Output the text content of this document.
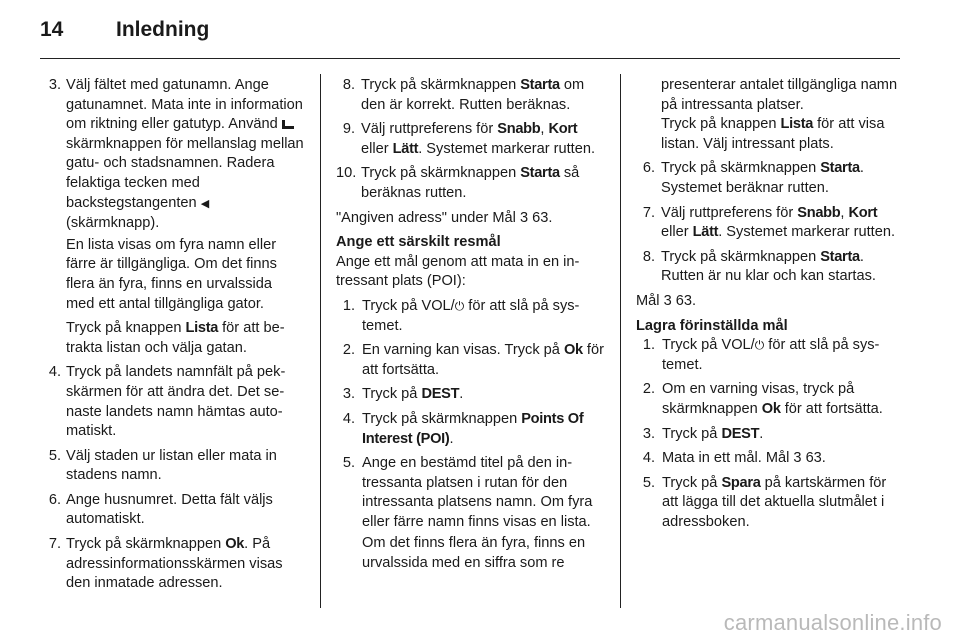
14	Inledning
3. Välj fältet med gatunamn. Ange gatunamnet. Mata inte in information om riktning eller gatutyp. Använd  skärmknappen för mellanslag mellan gatu- och stadsnamnen. Radera felaktiga tecken med backstegstangenten ◀ (skärmknapp).

En lista visas om fyra namn eller färre är tillgängliga. Om det finns flera än fyra, finns en urvalssida med ett antal tillgängliga gator.

Tryck på knappen Lista för att betrakta listan och välja gatan.

4. Tryck på landets namnfält på pekskärmen för att ändra det. Det senaste landets namn hämtas automatiskt.
5. Välj staden ur listan eller mata in stadens namn.
6. Ange husnumret. Detta fält väljs automatiskt.
7. Tryck på skärmknappen Ok. På adressinformationsskärmen visas den inmatade adressen.
8. Tryck på skärmknappen Starta om den är korrekt. Rutten beräknas.
9. Välj ruttpreferens för Snabb, Kort eller Lätt. Systemet markerar rutten.
10. Tryck på skärmknappen Starta så beräknas rutten.

"Angiven adress" under Mål 3 63.

Ange ett särskilt resmål

Ange ett mål genom att mata in en intressant plats (POI):

1. Tryck på VOL/⏻ för att slå på systemet.
2. En varning kan visas. Tryck på Ok för att fortsätta.
3. Tryck på DEST.
4. Tryck på skärmknappen Points Of Interest (POI).
5. Ange en bestämd titel på den intressanta platsen i rutan för den intressanta platsens namn. Om fyra eller färre namn finns visas en lista.

Om det finns flera än fyra, finns en urvalssida med en siffra som re

presenterar antalet tillgängliga namn på intressanta platser.

Tryck på knappen Lista för att visa listan. Välj intressant plats.

6. Tryck på skärmknappen Starta. Systemet beräknar rutten.
7. Välj ruttpreferens för Snabb, Kort eller Lätt. Systemet markerar rutten.
8. Tryck på skärmknappen Starta. Rutten är nu klar och kan startas.

Mål 3 63.

Lagra förinställda mål

1. Tryck på VOL/⏻ för att slå på systemet.
2. Om en varning visas, tryck på skärmknappen Ok för att fortsätta.
3. Tryck på DEST.
4. Mata in ett mål. Mål 3 63.
5. Tryck på Spara på kartskärmen för att lägga till det aktuella slutmålet i adressboken.
carmanualsonline.info
